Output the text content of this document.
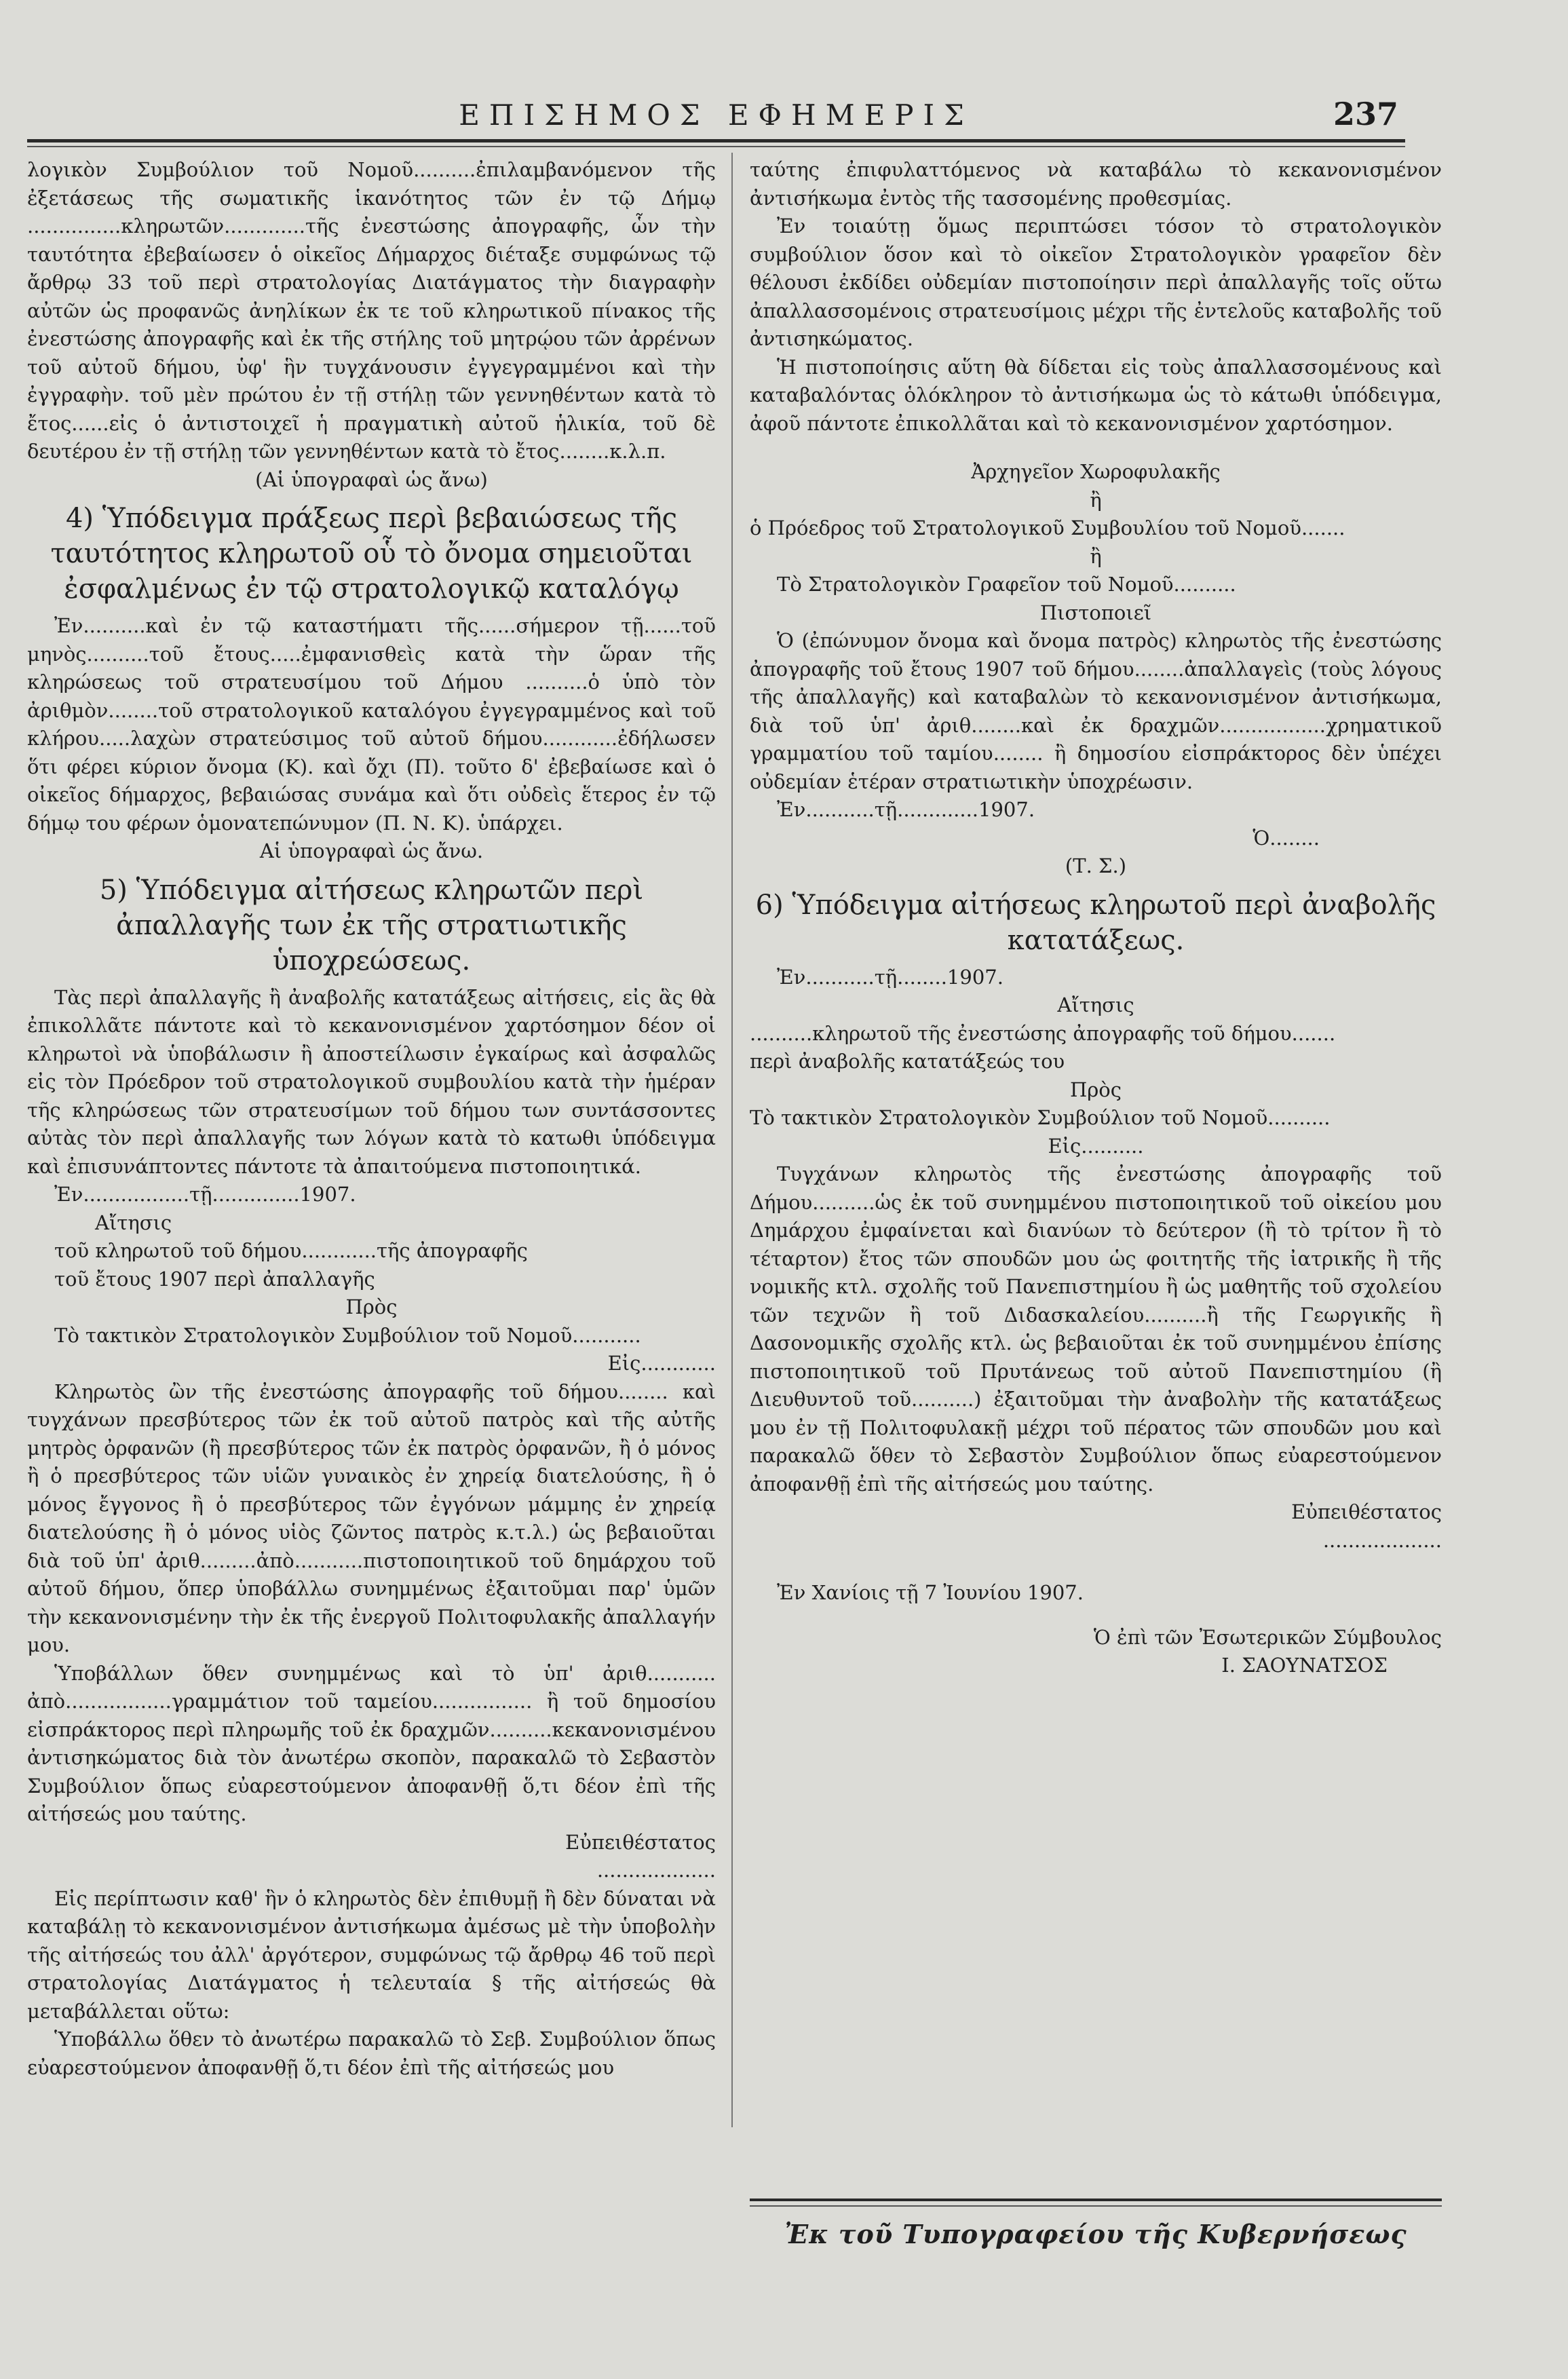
ΕΠΙΣΗΜΟΣ ΕΦΗΜΕΡΙΣ	237

λογικὸν Συμβούλιον τοῦ Νομοῦ..........ἐπιλαμβανόμενον τῆς ἐξετάσεως τῆς σωματικῆς ἱκανότητος τῶν ἐν τῷ Δήμῳ ...............κληρωτῶν.............τῆς ἐνεστώσης ἀπογραφῆς, ὧν τὴν ταυτότητα ἐβεβαίωσεν ὁ οἰκεῖος Δήμαρχος διέταξε συμφώνως τῷ ἄρθρῳ 33 τοῦ περὶ στρατολογίας Διατάγματος τὴν διαγραφὴν αὐτῶν ὡς προφανῶς ἀνηλίκων ἐκ τε τοῦ κληρωτικοῦ πίνακος τῆς ἐνεστώσης ἀπογραφῆς καὶ ἐκ τῆς στήλης τοῦ μητρῴου τῶν ἀρρένων τοῦ αὐτοῦ δήμου, ὑφ' ἣν τυγχάνουσιν ἐγγεγραμμένοι καὶ τὴν ἐγγραφὴν. τοῦ μὲν πρώτου ἐν τῇ στήλῃ τῶν γεννηθέντων κατὰ τὸ ἔτος......εἰς ὁ ἀντιστοιχεῖ ἡ πραγματικὴ αὐτοῦ ἡλικία, τοῦ δὲ δευτέρου ἐν τῇ στήλῃ τῶν γεννηθέντων κατὰ τὸ ἔτος........κ.λ.π.

(Αἱ ὑπογραφαὶ ὡς ἄνω)

4) Ὑπόδειγμα πράξεως περὶ βεβαιώσεως τῆς ταυτότητος κληρωτοῦ οὗ τὸ ὄνομα σημειοῦται ἐσφαλμένως ἐν τῷ στρατολογικῷ καταλόγῳ

Ἐν..........καὶ ἐν τῷ καταστήματι τῆς......σήμερον τῇ......τοῦ μηνὸς..........τοῦ ἔτους.....ἐμφανισθεὶς κατὰ τὴν ὥραν τῆς κληρώσεως τοῦ στρατευσίμου τοῦ Δήμου ..........ὁ ὑπὸ τὸν ἀριθμὸν........τοῦ στρατολογικοῦ καταλόγου ἐγγεγραμμένος καὶ τοῦ κλήρου.....λαχὼν στρατεύσιμος τοῦ αὐτοῦ δήμου............ἐδήλωσεν ὅτι φέρει κύριον ὄνομα (Κ). καὶ ὄχι (Π). τοῦτο δ' ἐβεβαίωσε καὶ ὁ οἰκεῖος δήμαρχος, βεβαιώσας συνάμα καὶ ὅτι οὐδεὶς ἕτερος ἐν τῷ δήμῳ του φέρων ὁμονατεπώνυμον (Π. Ν. Κ). ὑπάρχει.

Αἱ ὑπογραφαὶ ὡς ἄνω.

5) Ὑπόδειγμα αἰτήσεως κληρωτῶν περὶ ἀπαλλαγῆς των ἐκ τῆς στρατιωτικῆς ὑποχρεώσεως.

Τὰς περὶ ἀπαλλαγῆς ἢ ἀναβολῆς κατατάξεως αἰτήσεις, εἰς ἃς θὰ ἐπικολλᾶτε πάντοτε καὶ τὸ κεκανονισμένον χαρτόσημον δέον οἱ κληρωτοὶ νὰ ὑποβάλωσιν ἢ ἀποστείλωσιν ἐγκαίρως καὶ ἀσφαλῶς εἰς τὸν Πρόεδρον τοῦ στρατολογικοῦ συμβουλίου κατὰ τὴν ἡμέραν τῆς κληρώσεως τῶν στρατευσίμων τοῦ δήμου των συντάσσοντες αὐτὰς τὸν περὶ ἀπαλλαγῆς των λόγων κατὰ τὸ κατωθι ὑπόδειγμα καὶ ἐπισυνάπτοντες πάντοτε τὰ ἀπαιτούμενα πιστοποιητικά.

Ἐν.................τῇ..............1907.

Αἴτησις

τοῦ κληρωτοῦ τοῦ δήμου............τῆς ἀπογραφῆς

τοῦ ἔτους 1907 περὶ ἀπαλλαγῆς

Πρὸς

Τὸ τακτικὸν Στρατολογικὸν Συμβούλιον τοῦ Νομοῦ...........

Εἰς............

Κληρωτὸς ὢν τῆς ἐνεστώσης ἀπογραφῆς τοῦ δήμου........ καὶ τυγχάνων πρεσβύτερος τῶν ἐκ τοῦ αὐτοῦ πατρὸς καὶ τῆς αὐτῆς μητρὸς ὀρφανῶν (ἢ πρεσβύτερος τῶν ἐκ πατρὸς ὀρφανῶν, ἢ ὁ μόνος ἢ ὁ πρεσβύτερος τῶν υἱῶν γυναικὸς ἐν χηρείᾳ διατελούσης, ἢ ὁ μόνος ἔγγονος ἢ ὁ πρεσβύτερος τῶν ἐγγόνων μάμμης ἐν χηρείᾳ διατελούσης ἢ ὁ μόνος υἱὸς ζῶντος πατρὸς κ.τ.λ.) ὡς βεβαιοῦται διὰ τοῦ ὑπ' ἀριθ.........ἀπὸ...........πιστοποιητικοῦ τοῦ δημάρχου τοῦ αὐτοῦ δήμου, ὅπερ ὑποβάλλω συνημμένως ἐξαιτοῦμαι παρ' ὑμῶν τὴν κεκανονισμένην τὴν ἐκ τῆς ἐνεργοῦ Πολιτοφυλακῆς ἀπαλλαγήν μου.

Ὑποβάλλων ὅθεν συνημμένως καὶ τὸ ὑπ' ἀριθ........... ἀπὸ.................γραμμάτιον τοῦ ταμείου................ ἢ τοῦ δημοσίου εἰσπράκτορος περὶ πληρωμῆς τοῦ ἐκ δραχμῶν..........κεκανονισμένου ἀντισηκώματος διὰ τὸν ἀνωτέρω σκοπὸν, παρακαλῶ τὸ Σεβαστὸν Συμβούλιον ὅπως εὐαρεστούμενον ἀποφανθῇ ὅ,τι δέον ἐπὶ τῆς αἰτήσεώς μου ταύτης.

Εὐπειθέστατος

...................

Εἰς περίπτωσιν καθ' ἣν ὁ κληρωτὸς δὲν ἐπιθυμῇ ἢ δὲν δύναται νὰ καταβάλῃ τὸ κεκανονισμένον ἀντισήκωμα ἀμέσως μὲ τὴν ὑποβολὴν τῆς αἰτήσεώς του ἀλλ' ἀργότερον, συμφώνως τῷ ἄρθρῳ 46 τοῦ περὶ στρατολογίας Διατάγματος ἡ τελευταία § τῆς αἰτήσεώς θὰ μεταβάλλεται οὕτω:

Ὑποβάλλω ὅθεν τὸ ἀνωτέρω παρακαλῶ τὸ Σεβ. Συμβούλιον ὅπως εὐαρεστούμενον ἀποφανθῇ ὅ,τι δέον ἐπὶ τῆς αἰτήσεώς μου

ταύτης ἐπιφυλαττόμενος νὰ καταβάλω τὸ κεκανονισμένον ἀντισήκωμα ἐντὸς τῆς τασσομένης προθεσμίας.

Ἐν τοιαύτῃ ὅμως περιπτώσει τόσον τὸ στρατολογικὸν συμβούλιον ὅσον καὶ τὸ οἰκεῖον Στρατολογικὸν γραφεῖον δὲν θέλουσι ἐκδίδει οὐδεμίαν πιστοποίησιν περὶ ἀπαλλαγῆς τοῖς οὕτω ἀπαλλασσομένοις στρατευσίμοις μέχρι τῆς ἐντελοῦς καταβολῆς τοῦ ἀντισηκώματος.

Ἡ πιστοποίησις αὕτη θὰ δίδεται εἰς τοὺς ἀπαλλασσομένους καὶ καταβαλόντας ὁλόκληρον τὸ ἀντισήκωμα ὡς τὸ κάτωθι ὑπόδειγμα, ἀφοῦ πάντοτε ἐπικολλᾶται καὶ τὸ κεκανονισμένον χαρτόσημον.

Ἀρχηγεῖον Χωροφυλακῆς

ἢ

ὁ Πρόεδρος τοῦ Στρατολογικοῦ Συμβουλίου τοῦ Νομοῦ.......

ἢ

Τὸ Στρατολογικὸν Γραφεῖον τοῦ Νομοῦ..........

Πιστοποιεῖ

Ὁ (ἐπώνυμον ὄνομα καὶ ὄνομα πατρὸς) κληρωτὸς τῆς ἐνεστώσης ἀπογραφῆς τοῦ ἔτους 1907 τοῦ δήμου........ἀπαλλαγεὶς (τοὺς λόγους τῆς ἀπαλλαγῆς) καὶ καταβαλὼν τὸ κεκανονισμένον ἀντισήκωμα, διὰ τοῦ ὑπ' ἀριθ........καὶ ἐκ δραχμῶν.................χρηματικοῦ γραμματίου τοῦ ταμίου........ ἢ δημοσίου εἰσπράκτορος δὲν ὑπέχει οὐδεμίαν ἑτέραν στρατιωτικὴν ὑποχρέωσιν.

Ἐν...........τῇ.............1907.

Ὁ........

(Τ. Σ.)

6) Ὑπόδειγμα αἰτήσεως κληρωτοῦ περὶ ἀναβολῆς κατατάξεως.

Ἐν...........τῇ........1907.

Αἴτησις

..........κληρωτοῦ τῆς ἐνεστώσης ἀπογραφῆς τοῦ δήμου.......

περὶ ἀναβολῆς κατατάξεώς του

Πρὸς

Τὸ τακτικὸν Στρατολογικὸν Συμβούλιον τοῦ Νομοῦ..........

Εἰς..........

Τυγχάνων κληρωτὸς τῆς ἐνεστώσης ἀπογραφῆς τοῦ Δήμου..........ὡς ἐκ τοῦ συνημμένου πιστοποιητικοῦ τοῦ οἰκείου μου Δημάρχου ἐμφαίνεται καὶ διανύων τὸ δεύτερον (ἢ τὸ τρίτον ἢ τὸ τέταρτον) ἔτος τῶν σπουδῶν μου ὡς φοιτητῆς τῆς ἰατρικῆς ἢ τῆς νομικῆς κτλ. σχολῆς τοῦ Πανεπιστημίου ἢ ὡς μαθητῆς τοῦ σχολείου τῶν τεχνῶν ἢ τοῦ Διδασκαλείου..........ἢ τῆς Γεωργικῆς ἢ Δασονομικῆς σχολῆς κτλ. ὡς βεβαιοῦται ἐκ τοῦ συνημμένου ἐπίσης πιστοποιητικοῦ τοῦ Πρυτάνεως τοῦ αὐτοῦ Πανεπιστημίου (ἢ Διευθυντοῦ τοῦ..........) ἐξαιτοῦμαι τὴν ἀναβολὴν τῆς κατατάξεως μου ἐν τῇ Πολιτοφυλακῇ μέχρι τοῦ πέρατος τῶν σπουδῶν μου καὶ παρακαλῶ ὅθεν τὸ Σεβαστὸν Συμβούλιον ὅπως εὐαρεστούμενον ἀποφανθῇ ἐπὶ τῆς αἰτήσεώς μου ταύτης.

Εὐπειθέστατος

...................

Ἐν Χανίοις τῇ 7 Ἰουνίου 1907.

Ὁ ἐπὶ τῶν Ἐσωτερικῶν Σύμβουλος

Ι. ΣΑΟΥΝΑΤΣΟΣ

Ἐκ τοῦ Τυπογραφείου τῆς Κυβερνήσεως
